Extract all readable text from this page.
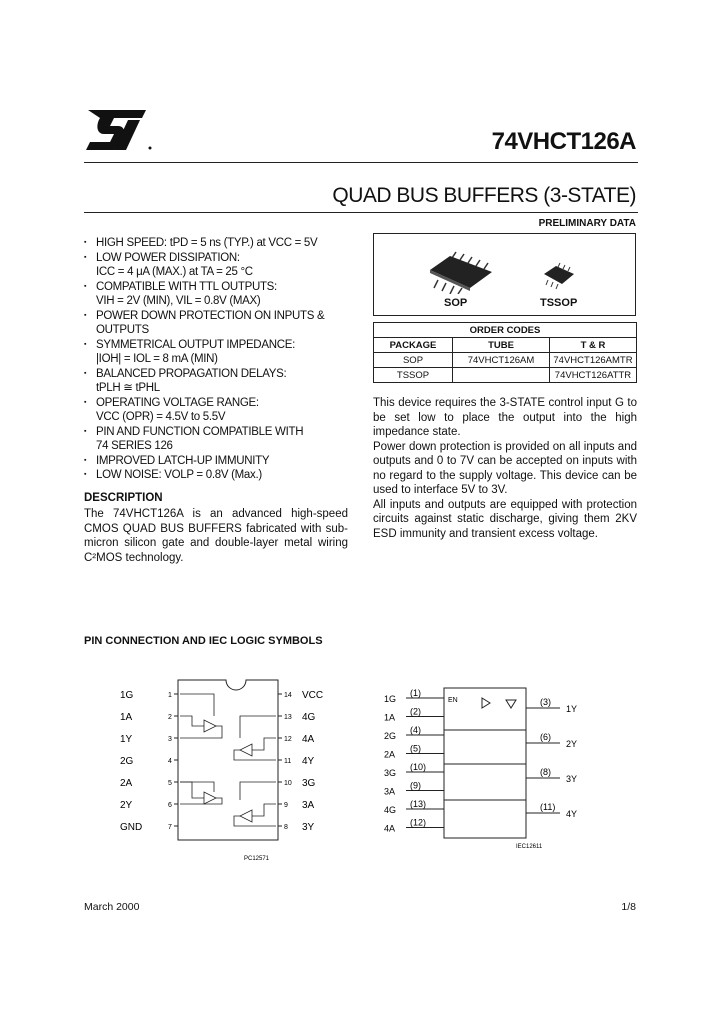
74VHCT126A
QUAD BUS BUFFERS (3-STATE)
PRELIMINARY DATA
▪ HIGH SPEED: tPD = 5 ns (TYP.) at VCC = 5V
▪ LOW POWER DISSIPATION:
ICC = 4 μA (MAX.) at TA = 25 °C
▪ COMPATIBLE WITH TTL OUTPUTS:
VIH = 2V (MIN), VIL = 0.8V (MAX)
▪ POWER DOWN PROTECTION ON INPUTS &
OUTPUTS
▪ SYMMETRICAL OUTPUT IMPEDANCE:
|IOH| = IOL = 8 mA (MIN)
▪ BALANCED PROPAGATION DELAYS:
tPLH ≅ tPHL
▪ OPERATING VOLTAGE RANGE:
VCC (OPR) = 4.5V to 5.5V
▪ PIN AND FUNCTION COMPATIBLE WITH
74 SERIES 126
▪ IMPROVED LATCH-UP IMMUNITY
▪ LOW NOISE: VOLP = 0.8V (Max.)
DESCRIPTION
The 74VHCT126A is an advanced high-speed CMOS QUAD BUS BUFFERS fabricated with sub-micron silicon gate and double-layer metal wiring C²MOS technology.
SOP	TSSOP
ORDER CODES		
PACKAGE	TUBE	T & R
SOP	74VHCT126AM	74VHCT126AMTR
TSSOP		74VHCT126ATTR

This device requires the 3-STATE control input G to be set low to place the output into the high impedance state.

Power down protection is provided on all inputs and outputs and 0 to 7V can be accepted on inputs with no regard to the supply voltage. This device can be used to interface 5V to 3V.

All inputs and outputs are equipped with protection circuits against static discharge, giving them 2KV ESD immunity and transient excess voltage.

PIN CONNECTION AND IEC LOGIC SYMBOLS
1G	1
1A	2
1Y	3
2G	4
2A	5
2Y	6
GND	7
14 VCC
13 4G
12 4A
11 4Y
10 3G
9 3A
8 3Y
PC12571
EN
1G
(1)
1A
(2)
2G
(4)
2A
(5)
3G
(10)
3A
(9)
4G
(13)
4A
(12)
(3)
1Y
(6)
2Y
(8)
3Y
(11)
4Y
IEC12611
March 2000	1/8
